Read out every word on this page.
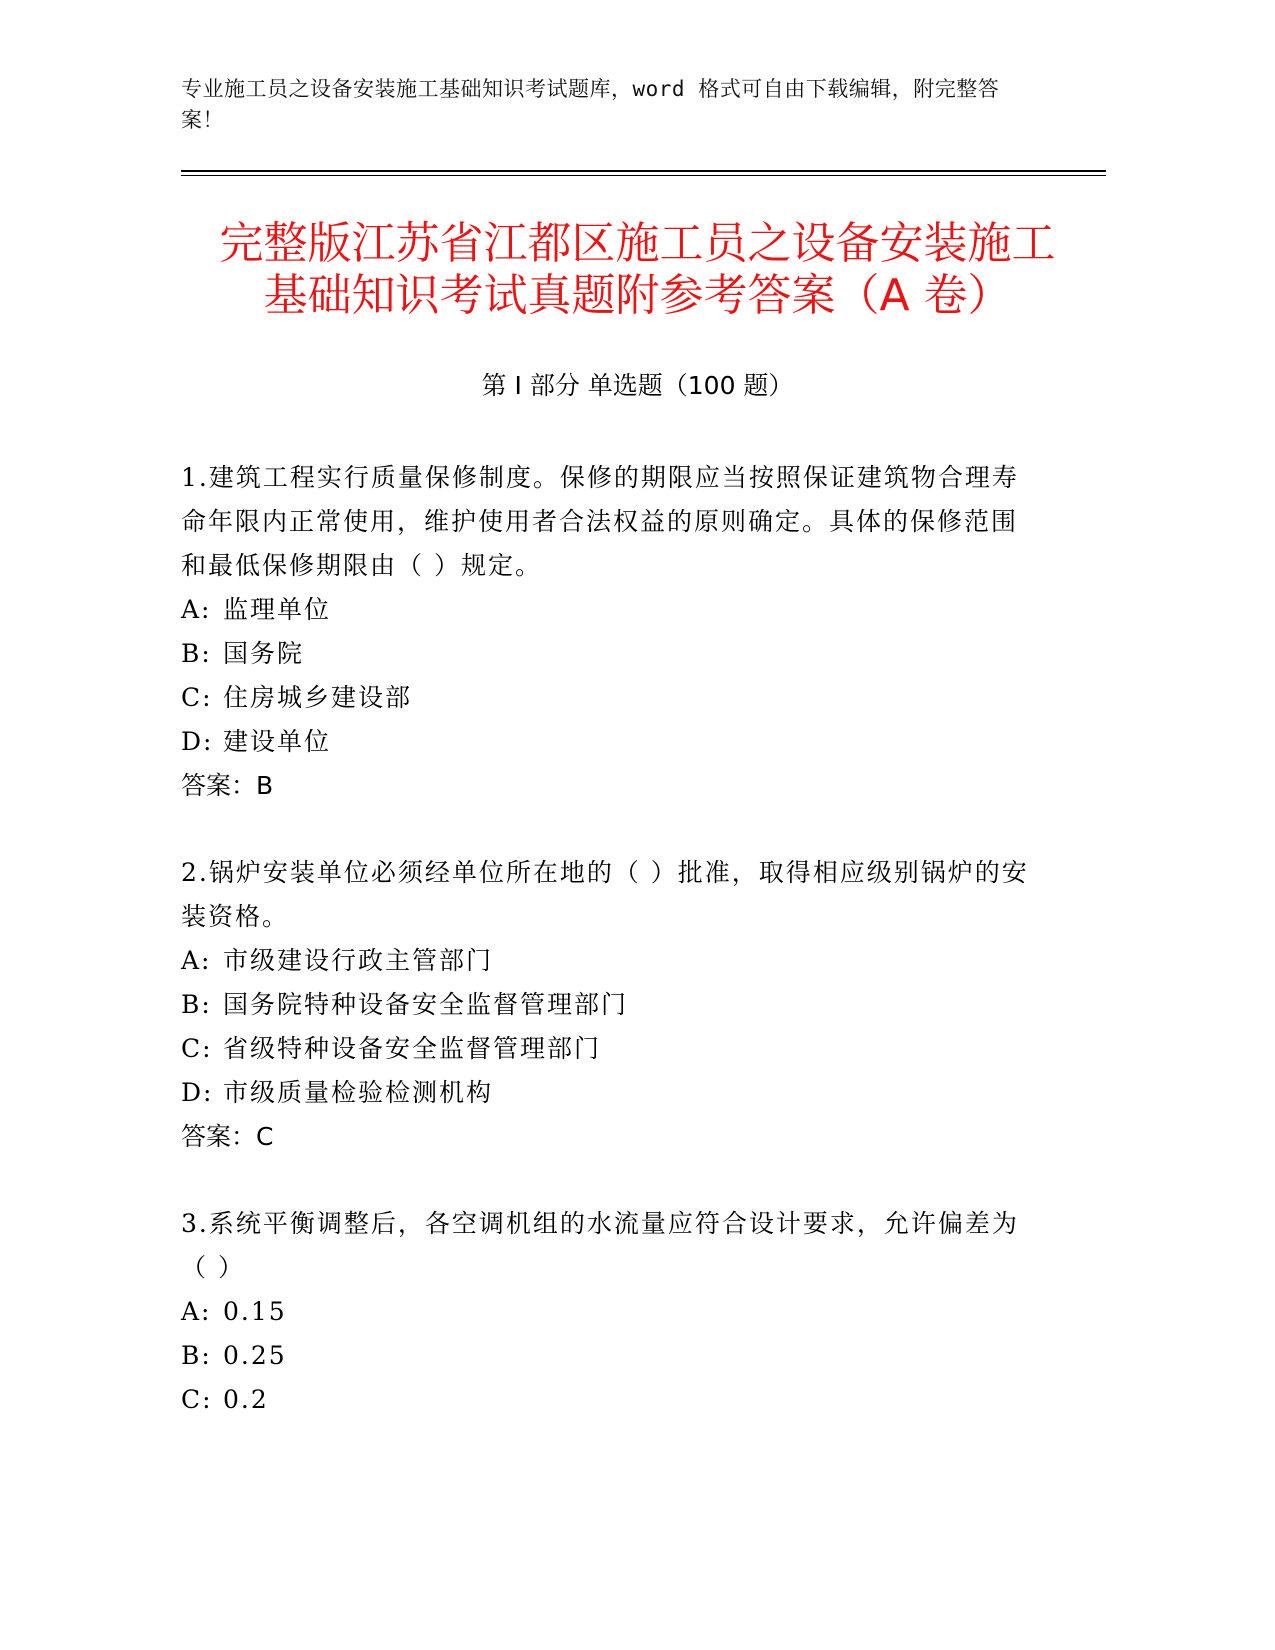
专业施工员之设备安装施工基础知识考试题库，word 格式可自由下载编辑，附完整答案！
完整版江苏省江都区施工员之设备安装施工
基础知识考试真题附参考答案（A 卷）
第 I 部分 单选题（100 题）

1.建筑工程实行质量保修制度。保修的期限应当按照保证建筑物合理寿命年限内正常使用，维护使用者合法权益的原则确定。具体的保修范围和最低保修期限由（ ）规定。

A: 监理单位

B: 国务院

C: 住房城乡建设部

D: 建设单位

答案：B

2.锅炉安装单位必须经单位所在地的（ ）批准，取得相应级别锅炉的安装资格。

A: 市级建设行政主管部门

B: 国务院特种设备安全监督管理部门

C: 省级特种设备安全监督管理部门

D: 市级质量检验检测机构

答案：C

3.系统平衡调整后，各空调机组的水流量应符合设计要求，允许偏差为（ ）

A: 0.15

B: 0.25

C: 0.2
